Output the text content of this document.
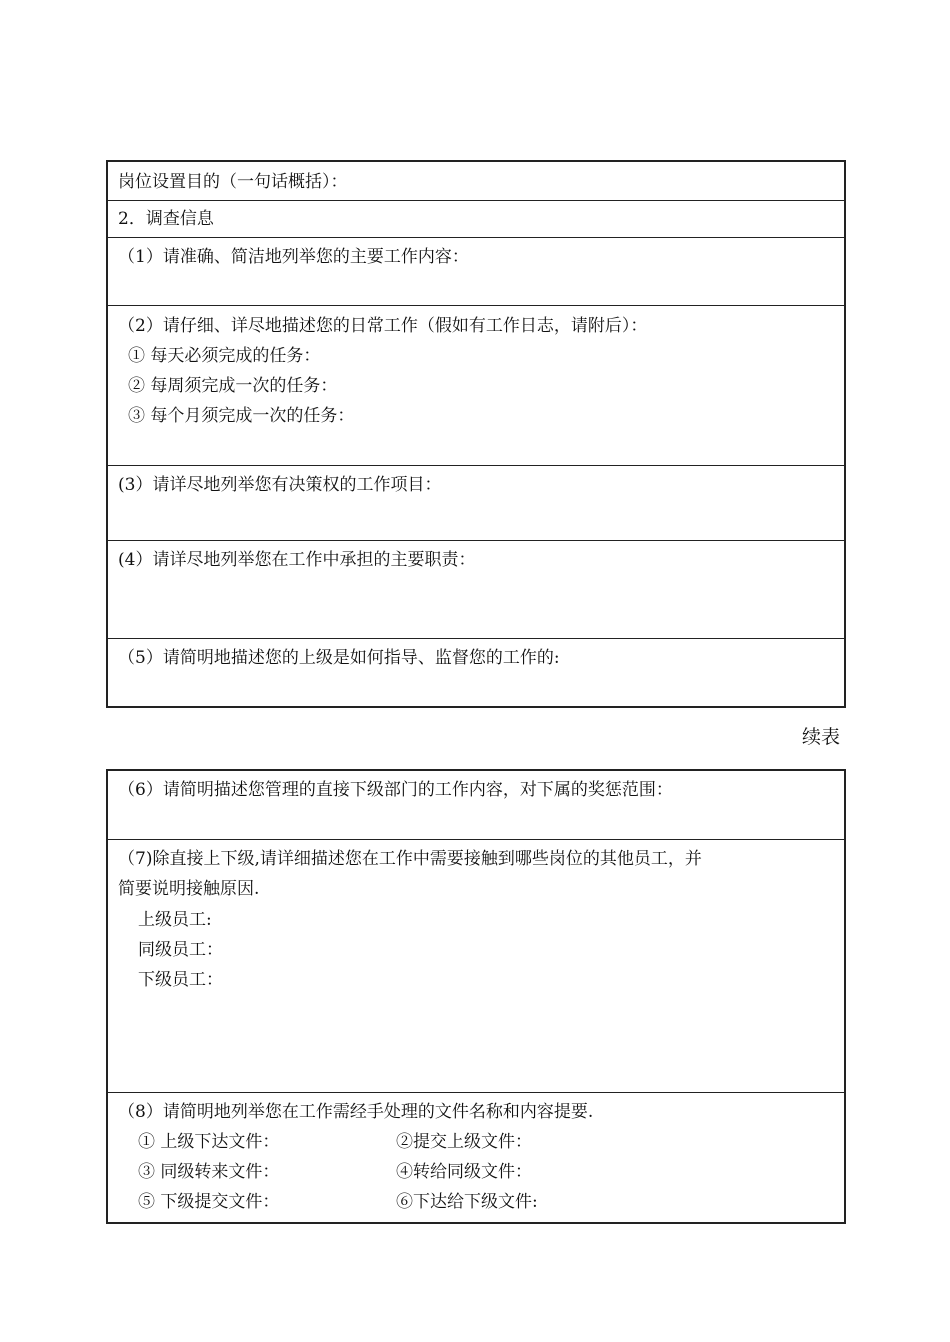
岗位设置目的（一句话概括）：
2．调查信息
（1）请准确、简洁地列举您的主要工作内容：
（2）请仔细、详尽地描述您的日常工作（假如有工作日志，请附后）：
① 每天必须完成的任务：
② 每周须完成一次的任务：
③ 每个月须完成一次的任务：
(3）请详尽地列举您有决策权的工作项目：
(4）请详尽地列举您在工作中承担的主要职责：
（5）请简明地描述您的上级是如何指导、监督您的工作的:
续表
（6）请简明描述您管理的直接下级部门的工作内容，对下属的奖惩范围：
（7)除直接上下级,请详细描述您在工作中需要接触到哪些岗位的其他员工，并
简要说明接触原因.
上级员工:
同级员工：
下级员工：
（8）请简明地列举您在工作需经手处理的文件名称和内容提要.
① 上级下达文件：	②提交上级文件：
③ 同级转来文件：	④转给同级文件：
⑤ 下级提交文件：	⑥下达给下级文件:
